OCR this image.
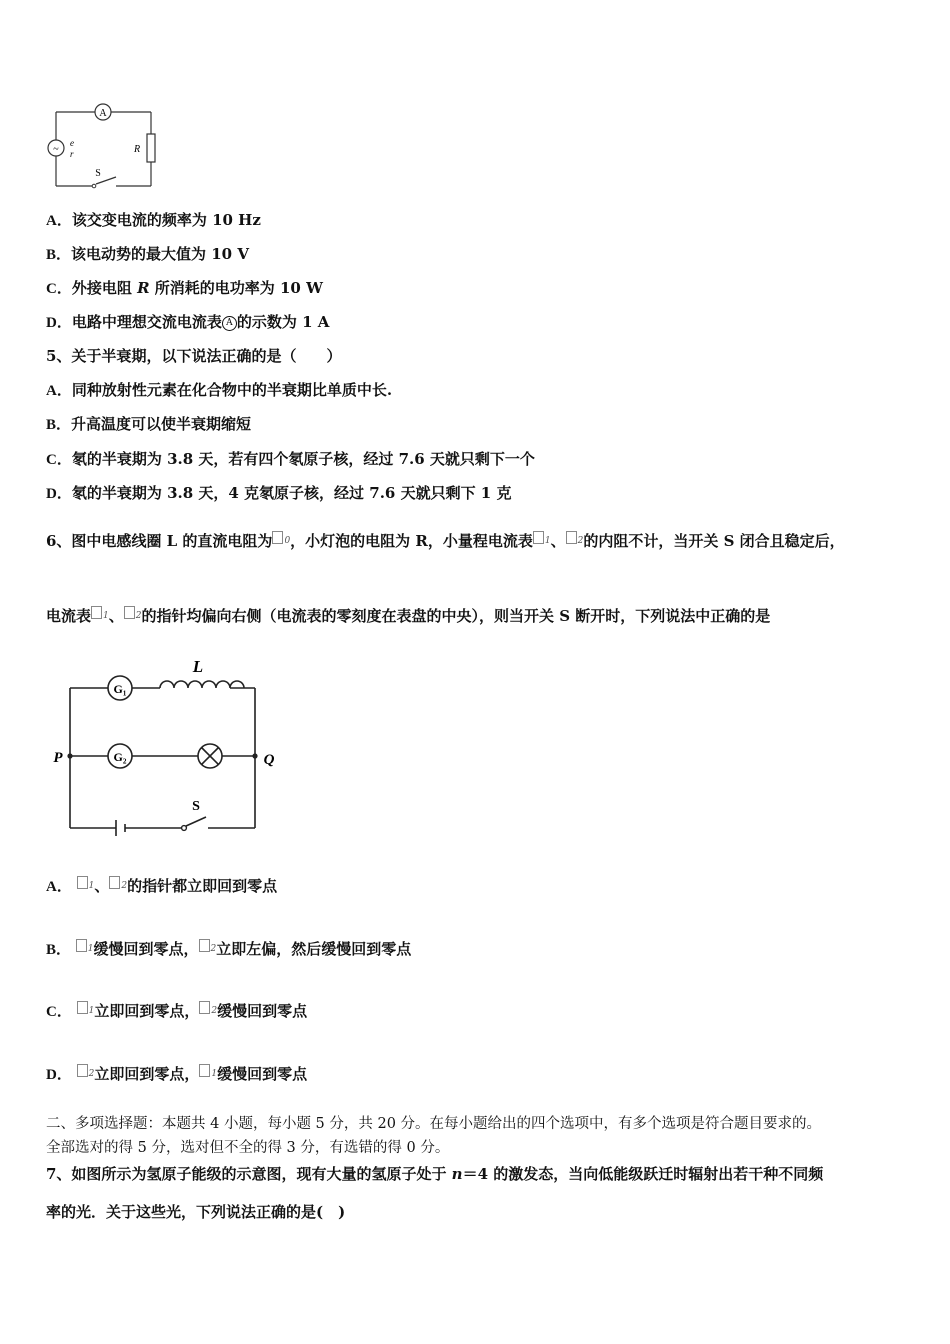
A
R
~
e
r
S
A．该交变电流的频率为 10 Hz
B．该电动势的最大值为 10 V
C．外接电阻 R 所消耗的电功率为 10 W
D．电路中理想交流电流表 A 的示数为 1 A
5、关于半衰期，以下说法正确的是（　　）
A．同种放射性元素在化合物中的半衰期比单质中长.
B．升高温度可以使半衰期缩短
C．氡的半衰期为 3.8 天，若有四个氡原子核，经过 7.6 天就只剩下一个
D．氡的半衰期为 3.8 天，4 克氡原子核，经过 7.6 天就只剩下 1 克
6、图中电感线圈 L 的直流电阻为 $^0$，小灯泡的电阻为 R，小量程电流表 $^1$、 $^2$的内阻不计，当开关 S 闭合且稳定后，
电流表 $^1$、 $^2$的指针均偏向右侧（电流表的零刻度在表盘的中央），则当开关 S 断开时，下列说法中正确的是
G₁
G₂
L
P	Q
S
A． $^1$、 $^2$的指针都立即回到零点
B． $^1$缓慢回到零点， $^2$立即左偏，然后缓慢回到零点
C． $^1$立即回到零点， $^2$缓慢回到零点
D． $^2$立即回到零点， $^1$缓慢回到零点
二、多项选择题：本题共 4 小题，每小题 5 分，共 20 分。在每小题给出的四个选项中，有多个选项是符合题目要求的。
全部选对的得 5 分，选对但不全的得 3 分，有选错的得 0 分。
7、如图所示为氢原子能级的示意图，现有大量的氢原子处于 n＝4 的激发态，当向低能级跃迁时辐射出若干种不同频
率的光．关于这些光，下列说法正确的是(　)
